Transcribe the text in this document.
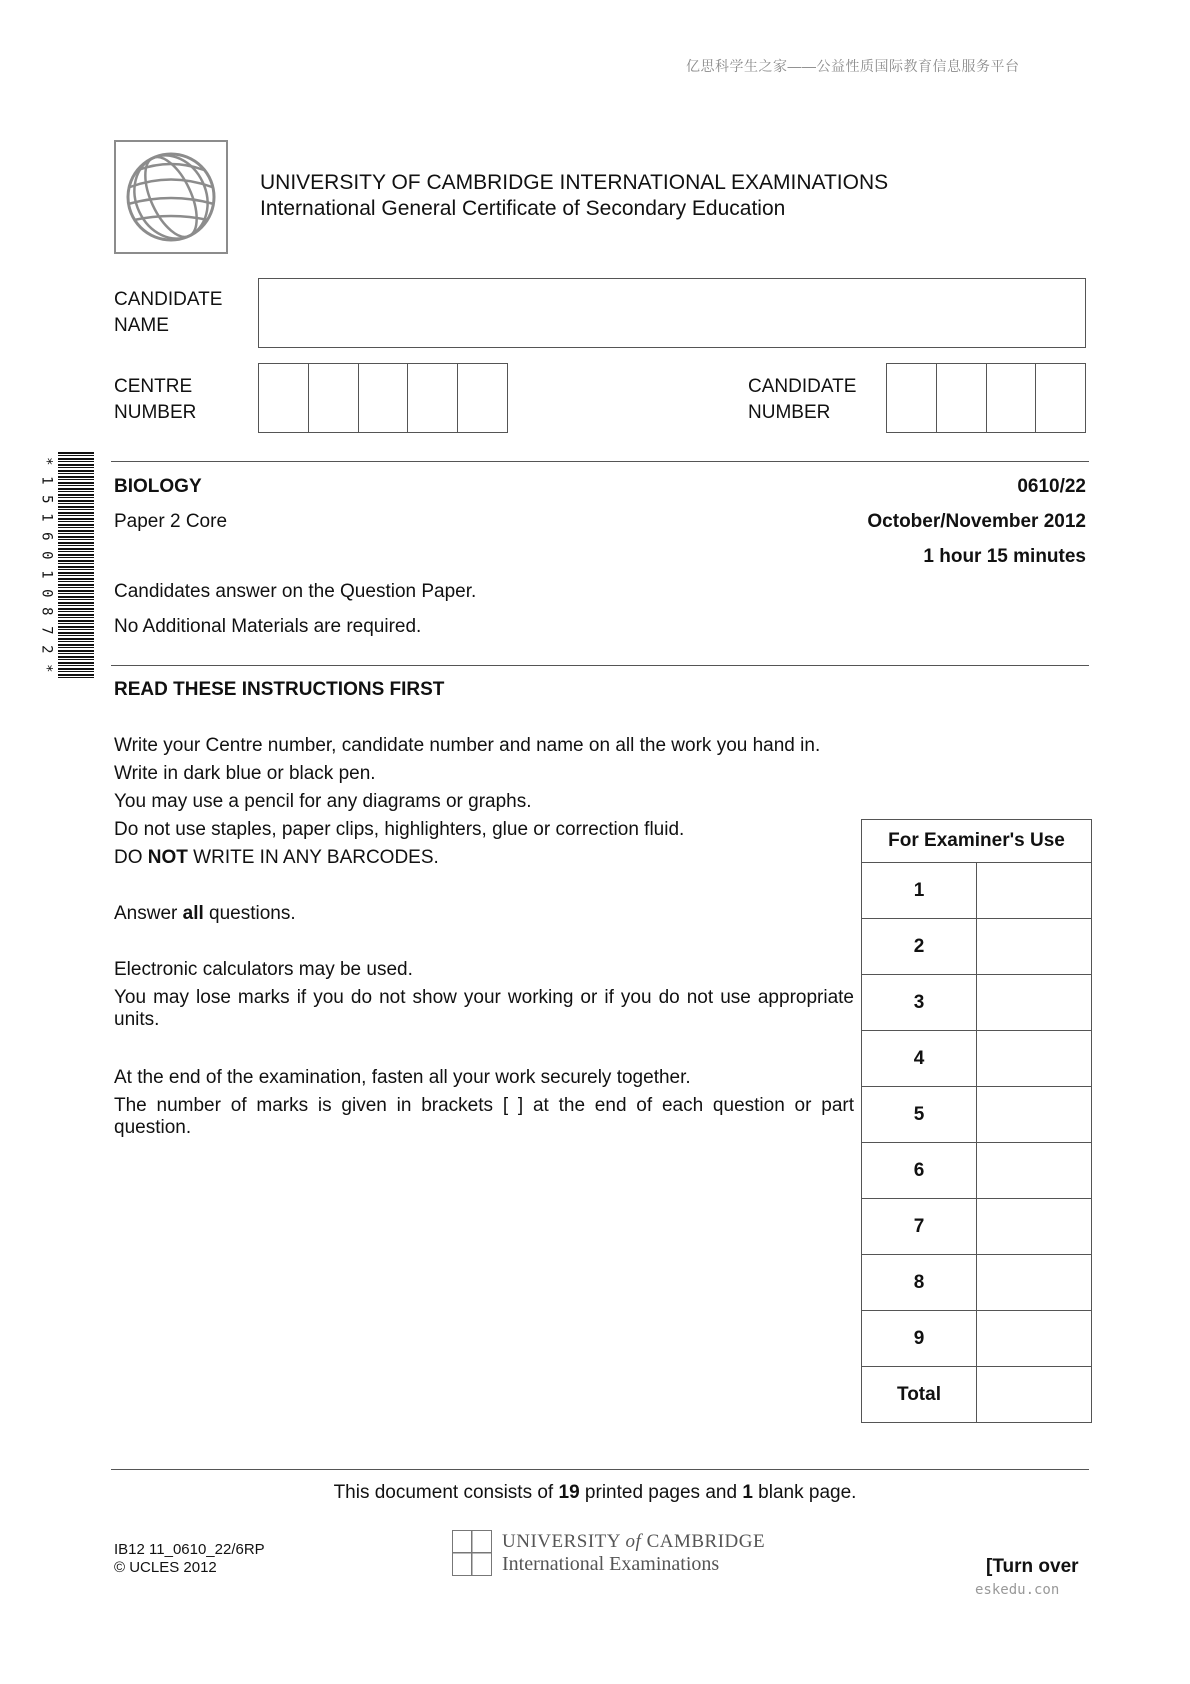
亿思科学生之家——公益性质国际教育信息服务平台
UNIVERSITY OF CAMBRIDGE INTERNATIONAL EXAMINATIONS
International General Certificate of Secondary Education
CANDIDATE
NAME
CENTRE
NUMBER
CANDIDATE
NUMBER
*
1
5
1
6
0
1
0
8
7
2
*
BIOLOGY	0610/22
Paper 2 Core	October/November 2012
1 hour 15 minutes
Candidates answer on the Question Paper.
No Additional Materials are required.
READ THESE INSTRUCTIONS FIRST
Write your Centre number, candidate number and name on all the work you hand in.
Write in dark blue or black pen.
You may use a pencil for any diagrams or graphs.
Do not use staples, paper clips, highlighters, glue or correction fluid.
DO NOT WRITE IN ANY BARCODES.
Answer all questions.
Electronic calculators may be used.
You may lose marks if you do not show your working or if you do not use appropriate units.
At the end of the examination, fasten all your work securely together.
The number of marks is given in brackets [ ] at the end of each question or part question.
For Examiner's Use	
1	
2	
3	
4	
5	
6	
7	
8	
9	
Total	
This document consists of 19 printed pages and 1 blank page.
IB12 11_0610_22/6RP
© UCLES 2012
UNIVERSITY of CAMBRIDGE
International Examinations	[Turn over
eskedu.con
